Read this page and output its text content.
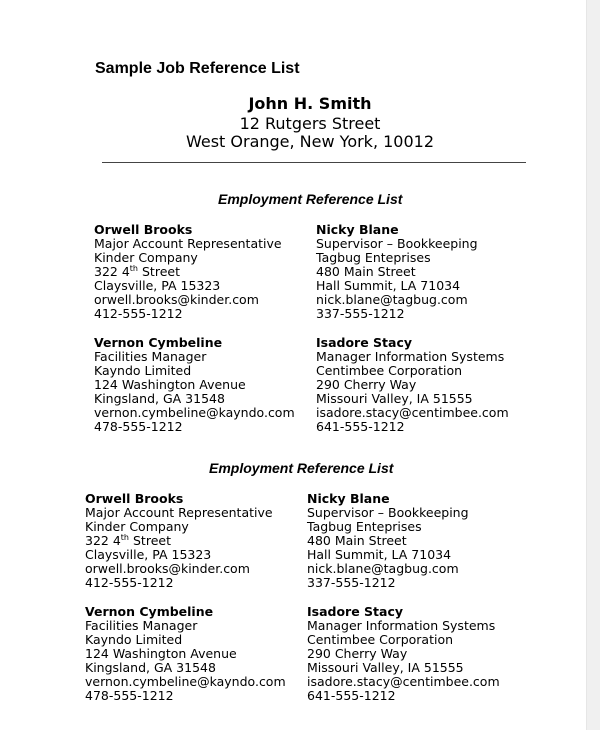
Sample Job Reference List
John H. Smith
12 Rutgers Street
West Orange, New York, 10012
Employment Reference List
Orwell Brooks
Major Account Representative
Kinder Company
322 4th Street
Claysville, PA 15323
orwell.brooks@kinder.com
412-555-1212
Nicky Blane
Supervisor – Bookkeeping
Tagbug Enteprises
480 Main Street
Hall Summit, LA 71034
nick.blane@tagbug.com
337-555-1212
Vernon Cymbeline
Facilities Manager
Kayndo Limited
124 Washington Avenue
Kingsland, GA 31548
vernon.cymbeline@kayndo.com
478-555-1212
Isadore Stacy
Manager Information Systems
Centimbee Corporation
290 Cherry Way
Missouri Valley, IA 51555
isadore.stacy@centimbee.com
641-555-1212
Employment Reference List
Orwell Brooks
Major Account Representative
Kinder Company
322 4th Street
Claysville, PA 15323
orwell.brooks@kinder.com
412-555-1212
Nicky Blane
Supervisor – Bookkeeping
Tagbug Enteprises
480 Main Street
Hall Summit, LA 71034
nick.blane@tagbug.com
337-555-1212
Vernon Cymbeline
Facilities Manager
Kayndo Limited
124 Washington Avenue
Kingsland, GA 31548
vernon.cymbeline@kayndo.com
478-555-1212
Isadore Stacy
Manager Information Systems
Centimbee Corporation
290 Cherry Way
Missouri Valley, IA 51555
isadore.stacy@centimbee.com
641-555-1212
